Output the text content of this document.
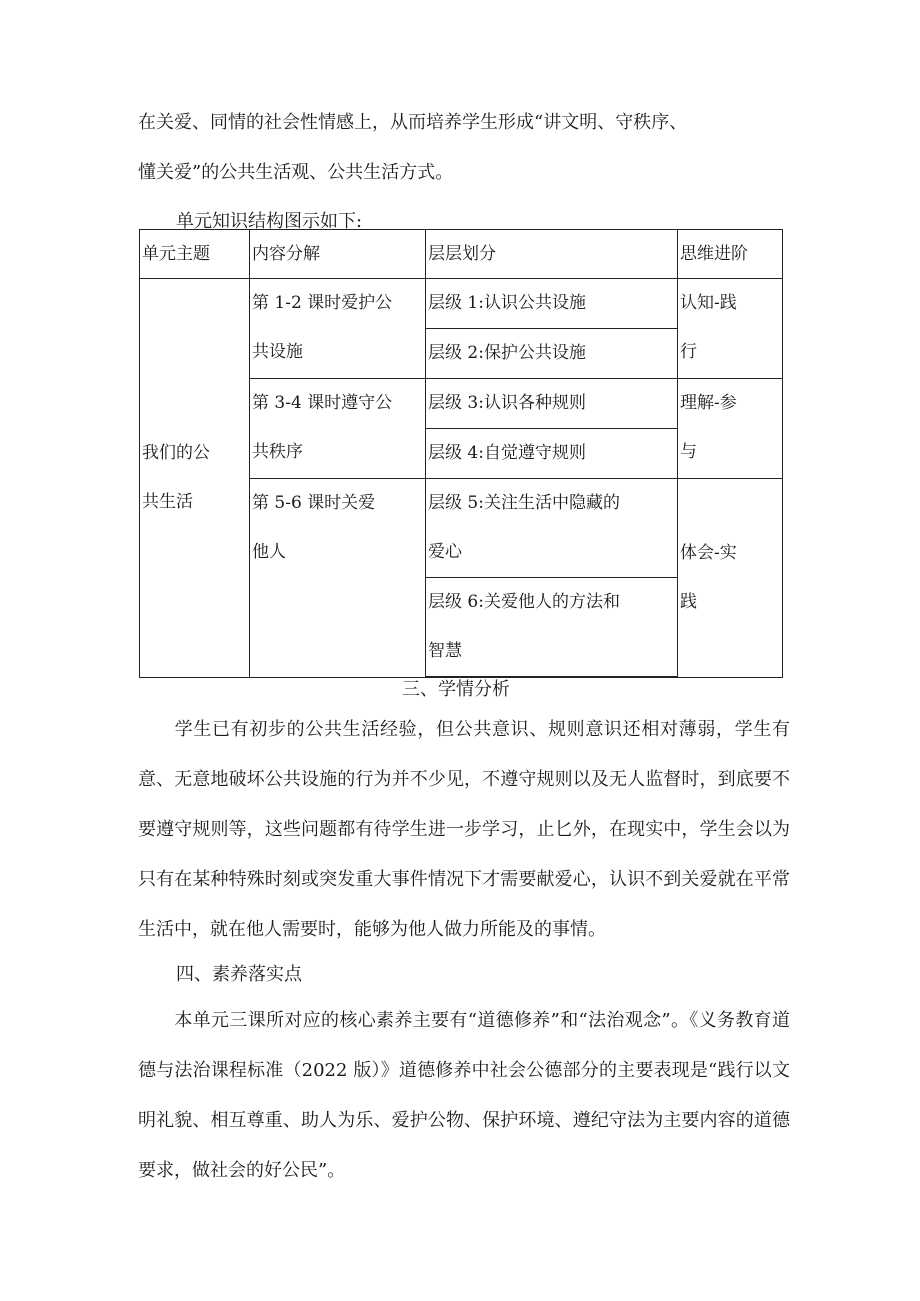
在关爱、同情的社会性情感上，从而培养学生形成“讲文明、守秩序、
懂关爱”的公共生活观、公共生活方式。
单元知识结构图示如下:
单元主题	内容分解	层层划分	思维进阶

我们的公共生活	第 1-2 课时爱护公共设施	层级 1:认识公共设施	认知-践行

		层级 2:保护公共设施	

	第 3-4 课时遵守公共秩序	层级 3:认识各种规则	理解-参与

		层级 4:自觉遵守规则	

	第 5-6 课时关爱他人	层级 5:关注生活中隐藏的爱心	体会-实践

		层级 6:关爱他人的方法和智慧	

三、学情分析
学生已有初步的公共生活经验，但公共意识、规则意识还相对薄弱，学生有意、无意地破坏公共设施的行为并不少见，不遵守规则以及无人监督时，到底要不要遵守规则等，这些问题都有待学生进一步学习，止匕外，在现实中，学生会以为只有在某种特殊时刻或突发重大事件情况下才需要献爱心，认识不到关爱就在平常生活中，就在他人需要时，能够为他人做力所能及的事情。
四、素养落实点
本单元三课所对应的核心素养主要有“道德修养”和“法治观念”。《义务教育道德与法治课程标准（2022 版）》道德修养中社会公德部分的主要表现是“践行以文明礼貌、相互尊重、助人为乐、爱护公物、保护环境、遵纪守法为主要内容的道德要求，做社会的好公民”。
